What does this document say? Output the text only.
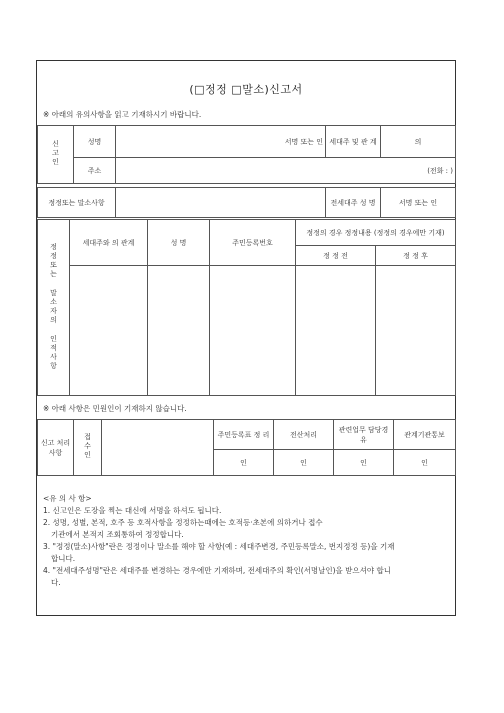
(□정정 □말소)신고서
※ 아래의 유의사항을 읽고 기재하시기 바랍니다.
신고인	성명	서명 또는 인	세대주 및 관 계	의
	주소	(전화 : )		
정정또는 말소사항		전세대주 성 명	서명 또는 인
정정또는 말소자의 인적사항	세대주와 의 관계	성 명	주민등록번호	정정의 경우 정정내용 (정정의 경우에만 기재)	
				정 정 전	정 정 후

※ 아래 사항은 민원인이 기재하지 않습니다.
신고 처리 사항	접수인		주민등록표 정 리	전산처리	관련업무 담당경유	관계기관통보
			인	인	인	인
<유 의 사 항>
1. 신고인은 도장을 찍는 대신에 서명을 하셔도 됩니다.
2. 성명, 성별, 본적, 호주 등 호적사항을 정정하는때에는 호적등·초본에 의하거나 접수
기관에서 본적지 조회통하여 정정합니다.
3. "정정(말소)사항"란은 정정이나 말소를 해야 할 사항(예 : 세대주변경, 주민등록말소, 번지정정 등)을 기재
합니다.
4. "전세대주성명"란은 세대주를 변경하는 경우에만 기재하며, 전세대주의 확인(서명날인)을 받으셔야 합니
다.
